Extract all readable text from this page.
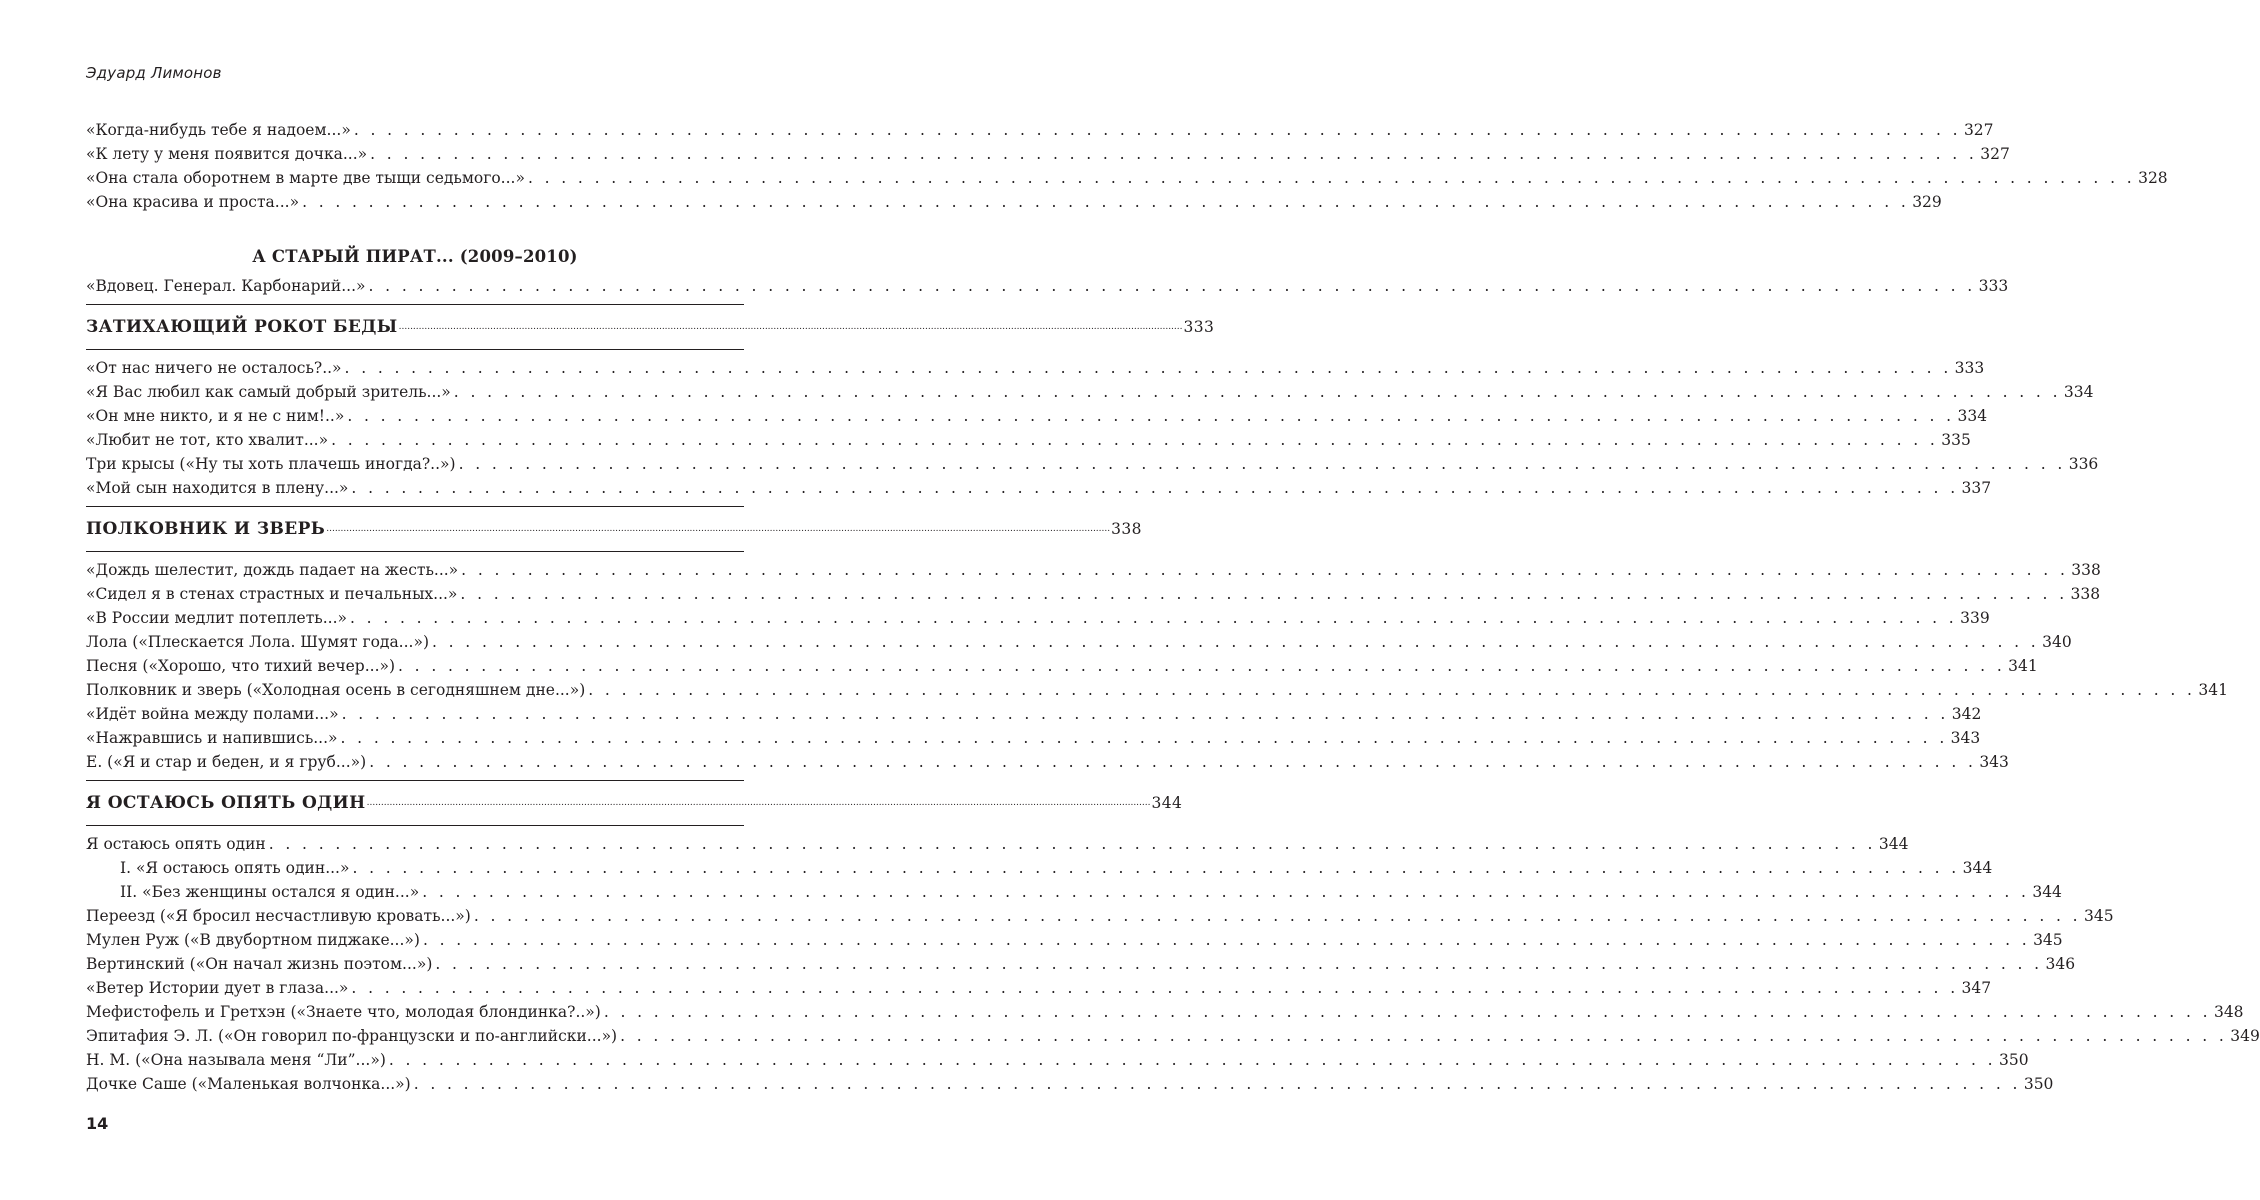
Эдуард Лимонов
«Когда-нибудь тебе я надоем...» . . . . . . . . . . . . . . . . . . . . . . . . . . . . . . . . . . . . . . . . . . . . . . . . . . . . . . . . . . . . . . . . . . . . . . . . . . . . . . . . . . . . . . . . . . . . . . . . . 327
«К лету у меня появится дочка...» . . . . . . . . . . . . . . . . . . . . . . . . . . . . . . . . . . . . . . . . . . . . . . . . . . . . . . . . . . . . . . . . . . . . . . . . . . . . . . . . . . . . . . . . . . . . . . . . . 327
«Она стала оборотнем в марте две тыщи седьмого...» . . . . . . . . . . . . . . . . . . . . . . . . . . . . . . . . . . . . . . . . . . . . . . . . . . . . . . . . . . . . . . . . . . . . . . . . . . . . . . . . . . . . . . . . . . . . . . . . . 328
«Она красива и проста...» . . . . . . . . . . . . . . . . . . . . . . . . . . . . . . . . . . . . . . . . . . . . . . . . . . . . . . . . . . . . . . . . . . . . . . . . . . . . . . . . . . . . . . . . . . . . . . . . . 329
А СТАРЫЙ ПИРАТ... (2009–2010)
«Вдовец. Генерал. Карбонарий...» . . . . . . . . . . . . . . . . . . . . . . . . . . . . . . . . . . . . . . . . . . . . . . . . . . . . . . . . . . . . . . . . . . . . . . . . . . . . . . . . . . . . . . . . . . . . . . . . . 333
ЗАТИХАЮЩИЙ РОКОТ БЕДЫ .................................................................................................................................................................................................................................................................................. 333
«От нас ничего не осталось?..» . . . . . . . . . . . . . . . . . . . . . . . . . . . . . . . . . . . . . . . . . . . . . . . . . . . . . . . . . . . . . . . . . . . . . . . . . . . . . . . . . . . . . . . . . . . . . . . . . 333
«Я Вас любил как самый добрый зритель...» . . . . . . . . . . . . . . . . . . . . . . . . . . . . . . . . . . . . . . . . . . . . . . . . . . . . . . . . . . . . . . . . . . . . . . . . . . . . . . . . . . . . . . . . . . . . . . . . . 334
«Он мне никто, и я не с ним!..» . . . . . . . . . . . . . . . . . . . . . . . . . . . . . . . . . . . . . . . . . . . . . . . . . . . . . . . . . . . . . . . . . . . . . . . . . . . . . . . . . . . . . . . . . . . . . . . . . 334
«Любит не тот, кто хвалит...» . . . . . . . . . . . . . . . . . . . . . . . . . . . . . . . . . . . . . . . . . . . . . . . . . . . . . . . . . . . . . . . . . . . . . . . . . . . . . . . . . . . . . . . . . . . . . . . . . 335
Три крысы («Ну ты хоть плачешь иногда?..») . . . . . . . . . . . . . . . . . . . . . . . . . . . . . . . . . . . . . . . . . . . . . . . . . . . . . . . . . . . . . . . . . . . . . . . . . . . . . . . . . . . . . . . . . . . . . . . . . 336
«Мой сын находится в плену...» . . . . . . . . . . . . . . . . . . . . . . . . . . . . . . . . . . . . . . . . . . . . . . . . . . . . . . . . . . . . . . . . . . . . . . . . . . . . . . . . . . . . . . . . . . . . . . . . . 337
ПОЛКОВНИК И ЗВЕРЬ .................................................................................................................................................................................................................................................................................. 338
«Дождь шелестит, дождь падает на жесть...» . . . . . . . . . . . . . . . . . . . . . . . . . . . . . . . . . . . . . . . . . . . . . . . . . . . . . . . . . . . . . . . . . . . . . . . . . . . . . . . . . . . . . . . . . . . . . . . . . 338
«Сидел я в стенах страстных и печальных...» . . . . . . . . . . . . . . . . . . . . . . . . . . . . . . . . . . . . . . . . . . . . . . . . . . . . . . . . . . . . . . . . . . . . . . . . . . . . . . . . . . . . . . . . . . . . . . . . . 338
«В России медлит потеплеть...» . . . . . . . . . . . . . . . . . . . . . . . . . . . . . . . . . . . . . . . . . . . . . . . . . . . . . . . . . . . . . . . . . . . . . . . . . . . . . . . . . . . . . . . . . . . . . . . . . 339
Лола («Плескается Лола. Шумят года...») . . . . . . . . . . . . . . . . . . . . . . . . . . . . . . . . . . . . . . . . . . . . . . . . . . . . . . . . . . . . . . . . . . . . . . . . . . . . . . . . . . . . . . . . . . . . . . . . . 340
Песня («Хорошо, что тихий вечер...») . . . . . . . . . . . . . . . . . . . . . . . . . . . . . . . . . . . . . . . . . . . . . . . . . . . . . . . . . . . . . . . . . . . . . . . . . . . . . . . . . . . . . . . . . . . . . . . . . 341
Полковник и зверь («Холодная осень в сегодняшнем дне...») . . . . . . . . . . . . . . . . . . . . . . . . . . . . . . . . . . . . . . . . . . . . . . . . . . . . . . . . . . . . . . . . . . . . . . . . . . . . . . . . . . . . . . . . . . . . . . . . . 341
«Идёт война между полами...» . . . . . . . . . . . . . . . . . . . . . . . . . . . . . . . . . . . . . . . . . . . . . . . . . . . . . . . . . . . . . . . . . . . . . . . . . . . . . . . . . . . . . . . . . . . . . . . . . 342
«Нажравшись и напившись...» . . . . . . . . . . . . . . . . . . . . . . . . . . . . . . . . . . . . . . . . . . . . . . . . . . . . . . . . . . . . . . . . . . . . . . . . . . . . . . . . . . . . . . . . . . . . . . . . . 343
Е. («Я и стар и беден, и я груб...») . . . . . . . . . . . . . . . . . . . . . . . . . . . . . . . . . . . . . . . . . . . . . . . . . . . . . . . . . . . . . . . . . . . . . . . . . . . . . . . . . . . . . . . . . . . . . . . . . 343
Я ОСТАЮСЬ ОПЯТЬ ОДИН .................................................................................................................................................................................................................................................................................. 344
Я остаюсь опять один . . . . . . . . . . . . . . . . . . . . . . . . . . . . . . . . . . . . . . . . . . . . . . . . . . . . . . . . . . . . . . . . . . . . . . . . . . . . . . . . . . . . . . . . . . . . . . . . . 344
I. «Я остаюсь опять один...» . . . . . . . . . . . . . . . . . . . . . . . . . . . . . . . . . . . . . . . . . . . . . . . . . . . . . . . . . . . . . . . . . . . . . . . . . . . . . . . . . . . . . . . . . . . . . . . . . 344
II. «Без женщины остался я один...» . . . . . . . . . . . . . . . . . . . . . . . . . . . . . . . . . . . . . . . . . . . . . . . . . . . . . . . . . . . . . . . . . . . . . . . . . . . . . . . . . . . . . . . . . . . . . . . . . 344
Переезд («Я бросил несчастливую кровать...») . . . . . . . . . . . . . . . . . . . . . . . . . . . . . . . . . . . . . . . . . . . . . . . . . . . . . . . . . . . . . . . . . . . . . . . . . . . . . . . . . . . . . . . . . . . . . . . . . 345
Мулен Руж («В двубортном пиджаке...») . . . . . . . . . . . . . . . . . . . . . . . . . . . . . . . . . . . . . . . . . . . . . . . . . . . . . . . . . . . . . . . . . . . . . . . . . . . . . . . . . . . . . . . . . . . . . . . . . 345
Вертинский («Он начал жизнь поэтом...») . . . . . . . . . . . . . . . . . . . . . . . . . . . . . . . . . . . . . . . . . . . . . . . . . . . . . . . . . . . . . . . . . . . . . . . . . . . . . . . . . . . . . . . . . . . . . . . . . 346
«Ветер Истории дует в глаза...» . . . . . . . . . . . . . . . . . . . . . . . . . . . . . . . . . . . . . . . . . . . . . . . . . . . . . . . . . . . . . . . . . . . . . . . . . . . . . . . . . . . . . . . . . . . . . . . . . 347
Мефистофель и Гретхэн («Знаете что, молодая блондинка?..») . . . . . . . . . . . . . . . . . . . . . . . . . . . . . . . . . . . . . . . . . . . . . . . . . . . . . . . . . . . . . . . . . . . . . . . . . . . . . . . . . . . . . . . . . . . . . . . . . 348
Эпитафия Э. Л. («Он говорил по-французски и по-английски...») . . . . . . . . . . . . . . . . . . . . . . . . . . . . . . . . . . . . . . . . . . . . . . . . . . . . . . . . . . . . . . . . . . . . . . . . . . . . . . . . . . . . . . . . . . . . . . . . . 349
Н. М. («Она называла меня “Ли”...») . . . . . . . . . . . . . . . . . . . . . . . . . . . . . . . . . . . . . . . . . . . . . . . . . . . . . . . . . . . . . . . . . . . . . . . . . . . . . . . . . . . . . . . . . . . . . . . . . 350
Дочке Саше («Маленькая волчонка...») . . . . . . . . . . . . . . . . . . . . . . . . . . . . . . . . . . . . . . . . . . . . . . . . . . . . . . . . . . . . . . . . . . . . . . . . . . . . . . . . . . . . . . . . . . . . . . . . . 350
14
